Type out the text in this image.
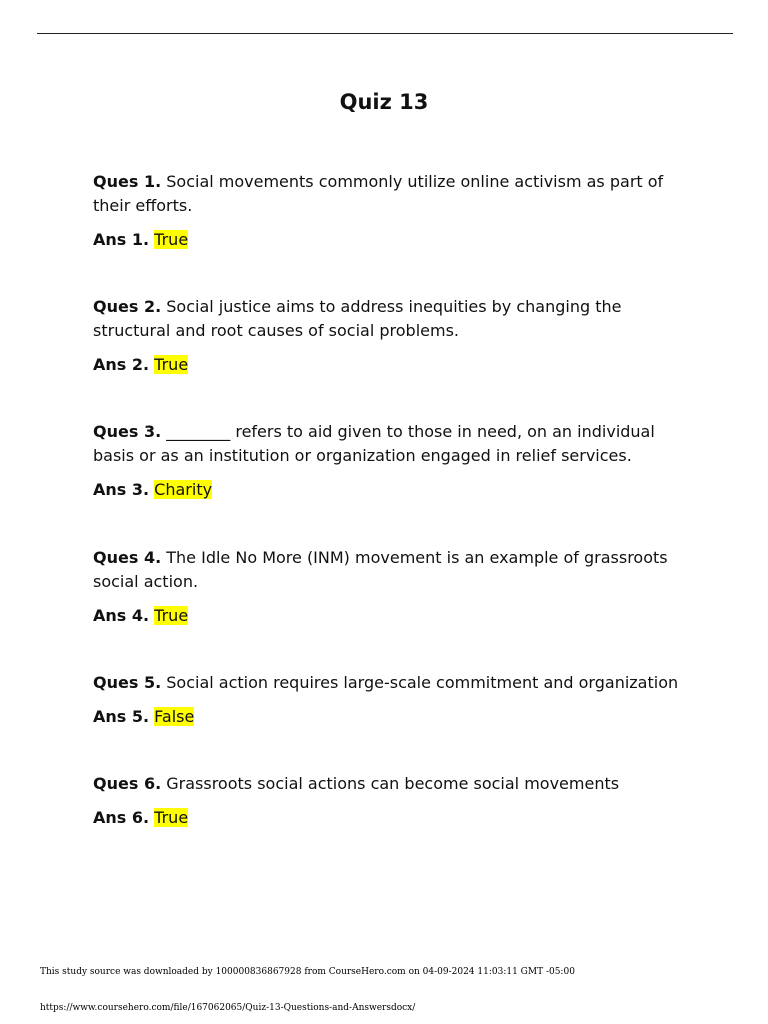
Quiz 13

Ques 1. Social movements commonly utilize online activism as part of their efforts.

Ans 1. True

Ques 2. Social justice aims to address inequities by changing the structural and root causes of social problems.

Ans 2. True

Ques 3. ________ refers to aid given to those in need, on an individual basis or as an institution or organization engaged in relief services.

Ans 3. Charity

Ques 4. The Idle No More (INM) movement is an example of grassroots social action.

Ans 4. True

Ques 5. Social action requires large-scale commitment and organization

Ans 5. False

Ques 6. Grassroots social actions can become social movements

Ans 6. True

This study source was downloaded by 100000836867928 from CourseHero.com on 04-09-2024 11:03:11 GMT -05:00
https://www.coursehero.com/file/167062065/Quiz-13-Questions-and-Answersdocx/
